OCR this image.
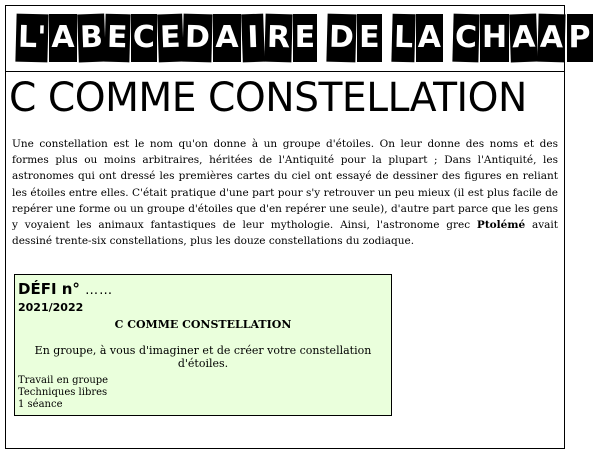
L' A B E C E D A I R E D E L A C H A A P
C COMME CONSTELLATION

Une constellation est le nom qu'on donne à un groupe d'étoiles. On leur donne des noms et des formes plus ou moins arbitraires, héritées de l'Antiquité pour la plupart ; Dans l'Antiquité, les astronomes qui ont dressé les premières cartes du ciel ont essayé de dessiner des figures en reliant les étoiles entre elles. C'était pratique d'une part pour s'y retrouver un peu mieux (il est plus facile de repérer une forme ou un groupe d'étoiles que d'en repérer une seule), d'autre part parce que les gens y voyaient les animaux fantastiques de leur mythologie. Ainsi, l'astronome grec Ptolémé avait dessiné trente-six constellations, plus les douze constellations du zodiaque.

DÉFI n° ……
2021/2022
C COMME CONSTELLATION
En groupe, à vous d'imaginer et de créer votre constellation d'étoiles.
Travail en groupe
Techniques libres
1 séance
